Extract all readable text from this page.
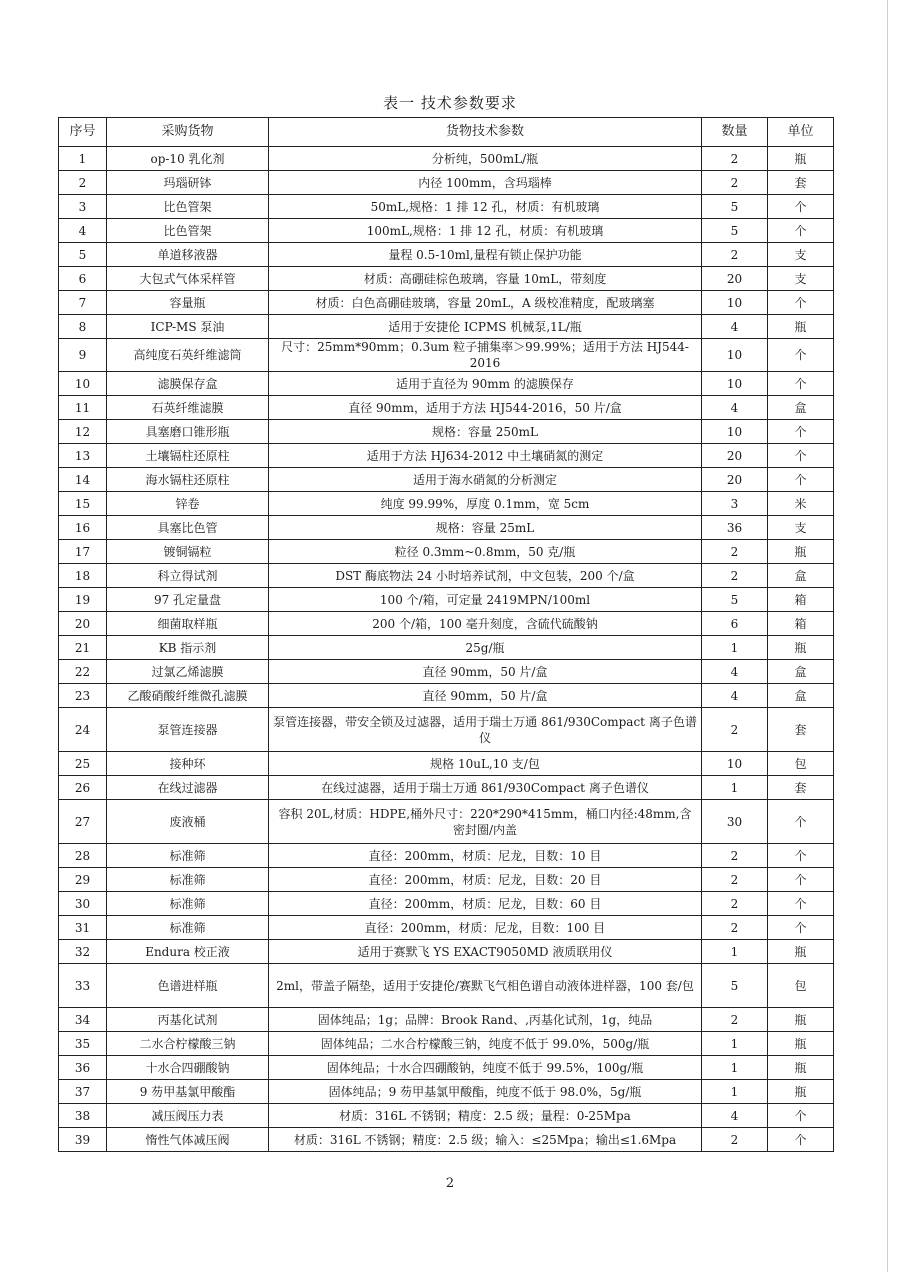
表一 技术参数要求
序号	采购货物	货物技术参数	数量	单位
1	op-10 乳化剂	分析纯，500mL/瓶	2	瓶
2	玛瑙研钵	内径 100mm，含玛瑙棒	2	套
3	比色管架	50mL,规格：1 排 12 孔，材质：有机玻璃	5	个
4	比色管架	100mL,规格：1 排 12 孔，材质：有机玻璃	5	个
5	单道移液器	量程 0.5-10ml,量程有锁止保护功能	2	支
6	大包式气体采样管	材质：高硼硅棕色玻璃，容量 10mL，带刻度	20	支
7	容量瓶	材质：白色高硼硅玻璃，容量 20mL，A 级校准精度，配玻璃塞	10	个
8	ICP-MS 泵油	适用于安捷伦 ICPMS 机械泵,1L/瓶	4	瓶
9	高纯度石英纤维滤筒	尺寸：25mm*90mm；0.3um 粒子捕集率＞99.99%；适用于方法 HJ544-2016	10	个
10	滤膜保存盒	适用于直径为 90mm 的滤膜保存	10	个
11	石英纤维滤膜	直径 90mm，适用于方法 HJ544-2016，50 片/盒	4	盒
12	具塞磨口锥形瓶	规格：容量 250mL	10	个
13	土壤镉柱还原柱	适用于方法 HJ634-2012 中土壤硝氮的测定	20	个
14	海水镉柱还原柱	适用于海水硝氮的分析测定	20	个
15	锌卷	纯度 99.99%，厚度 0.1mm，宽 5cm	3	米
16	具塞比色管	规格：容量 25mL	36	支
17	镀铜镉粒	粒径 0.3mm~0.8mm，50 克/瓶	2	瓶
18	科立得试剂	DST 酶底物法 24 小时培养试剂，中文包装，200 个/盒	2	盒
19	97 孔定量盘	100 个/箱，可定量 2419MPN/100ml	5	箱
20	细菌取样瓶	200 个/箱，100 毫升刻度，含硫代硫酸钠	6	箱
21	KB 指示剂	25g/瓶	1	瓶
22	过氯乙烯滤膜	直径 90mm，50 片/盒	4	盒
23	乙酸硝酸纤维微孔滤膜	直径 90mm，50 片/盒	4	盒
24	泵管连接器	泵管连接器，带安全锁及过滤器，适用于瑞士万通 861/930Compact 离子色谱仪	2	套
25	接种环	规格 10uL,10 支/包	10	包
26	在线过滤器	在线过滤器，适用于瑞士万通 861/930Compact 离子色谱仪	1	套
27	废液桶	容积 20L,材质：HDPE,桶外尺寸：220*290*415mm，桶口内径:48mm,含密封圈/内盖	30	个
28	标准筛	直径：200mm，材质：尼龙，目数：10 目	2	个
29	标准筛	直径：200mm，材质：尼龙，目数：20 目	2	个
30	标准筛	直径：200mm，材质：尼龙，目数：60 目	2	个
31	标准筛	直径：200mm，材质：尼龙，目数：100 目	2	个
32	Endura 校正液	适用于赛默飞 YS EXACT9050MD 液质联用仪	1	瓶
33	色谱进样瓶	2ml，带盖子隔垫，适用于安捷伦/赛默飞气相色谱自动液体进样器，100 套/包	5	包
34	丙基化试剂	固体纯品；1g；品牌：Brook Rand、,丙基化试剂，1g，纯品	2	瓶
35	二水合柠檬酸三钠	固体纯品；二水合柠檬酸三钠，纯度不低于 99.0%，500g/瓶	1	瓶
36	十水合四硼酸钠	固体纯品；十水合四硼酸钠，纯度不低于 99.5%，100g/瓶	1	瓶
37	9 芴甲基氯甲酸酯	固体纯品；9 芴甲基氯甲酸酯，纯度不低于 98.0%，5g/瓶	1	瓶
38	减压阀压力表	材质：316L 不锈钢；精度：2.5 级；量程：0-25Mpa	4	个
39	惰性气体减压阀	材质：316L 不锈钢；精度：2.5 级；输入：≤25Mpa；输出≤1.6Mpa	2	个
2
